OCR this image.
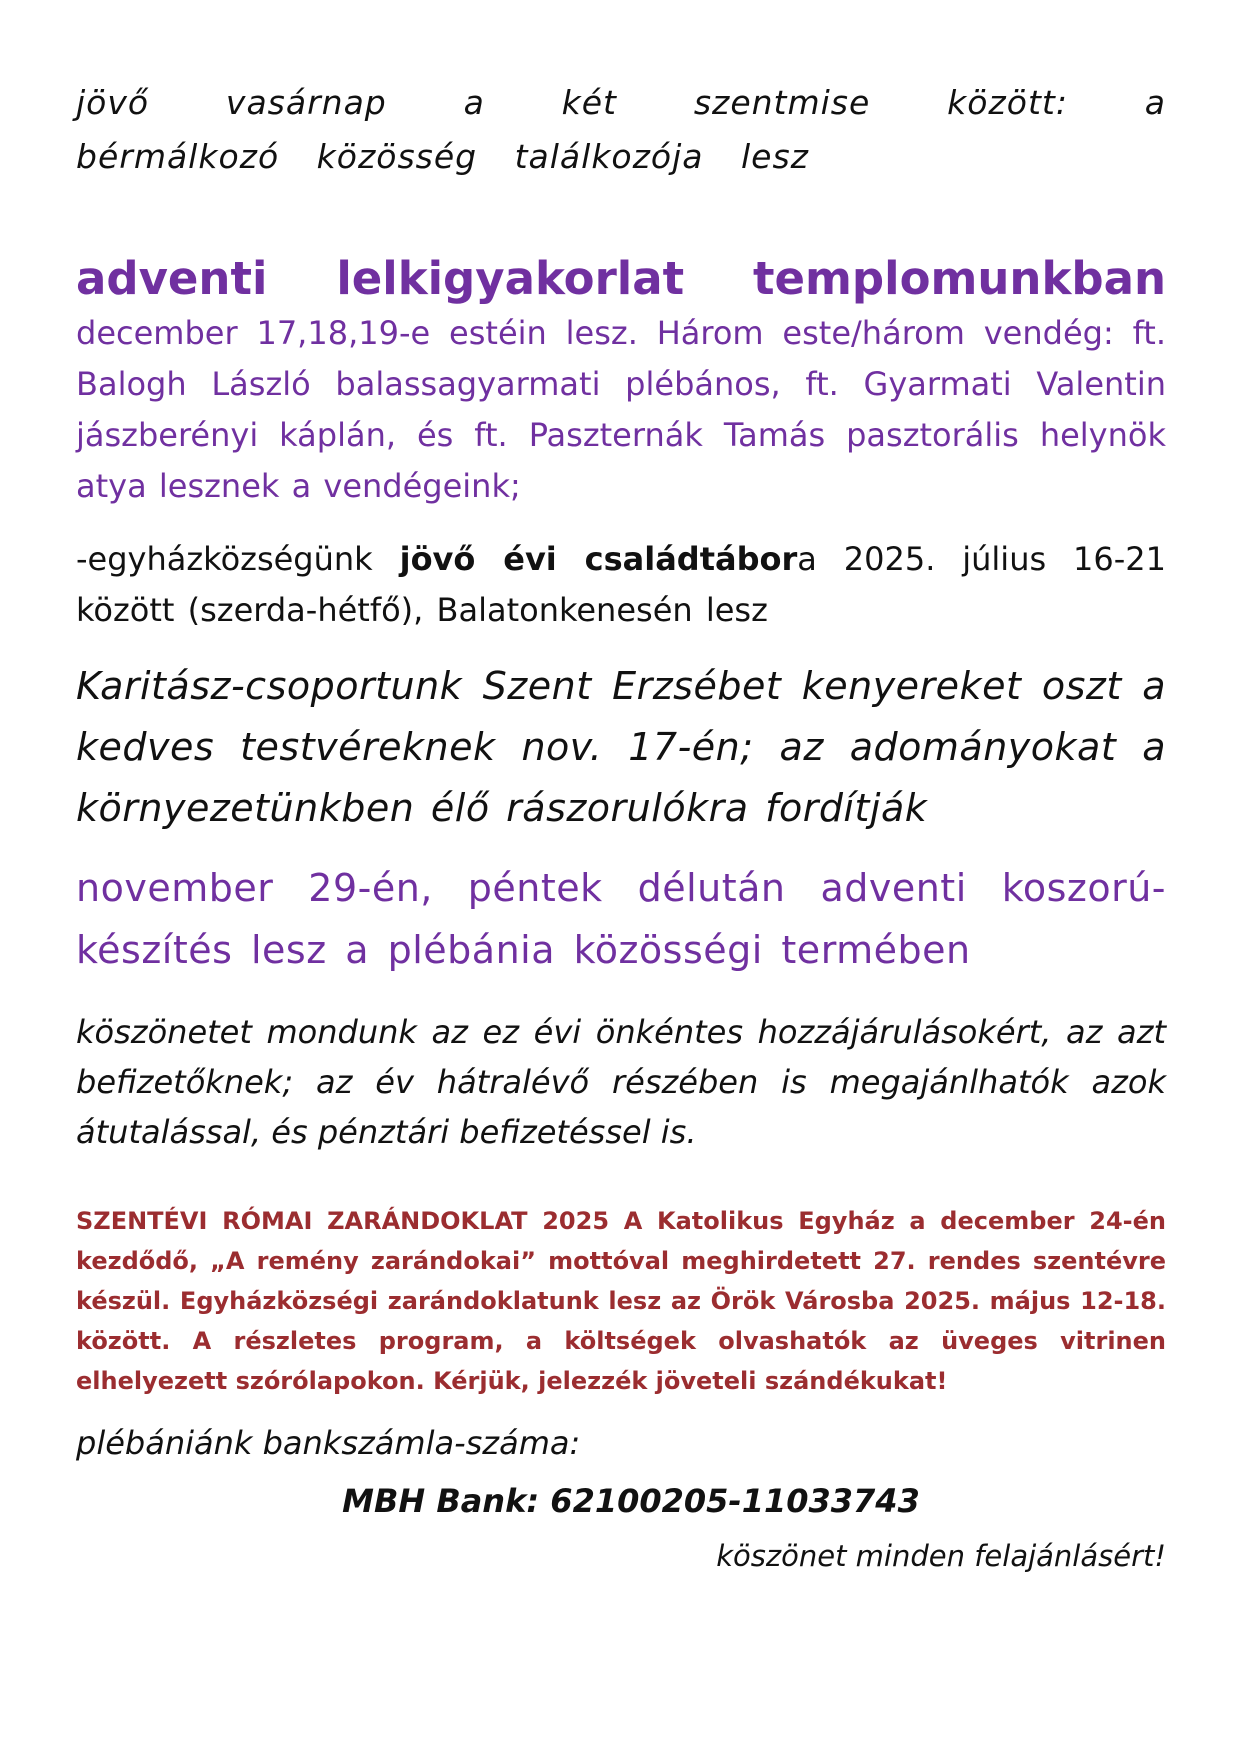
jövő vasárnap a két szentmise között: a bérmálkozó közösség találkozója lesz

adventi lelkigyakorlat templomunkban

december 17,18,19-e estéin lesz. Három este/három vendég: ft. Balogh László balassagyarmati plébános, ft. Gyarmati Valentin jászberényi káplán, és ft. Paszternák Tamás pasztorális helynök atya lesznek a vendégeink;

-egyházközségünk jövő évi családtábora 2025. július 16-21 között (szerda-hétfő), Balatonkenesén lesz

Karitász-csoportunk Szent Erzsébet kenyereket oszt a kedves testvéreknek nov. 17-én; az adományokat a környezetünkben élő rászorulókra fordítják

november 29-én, péntek délután adventi koszorú-készítés lesz a plébánia közösségi termében

köszönetet mondunk az ez évi önkéntes hozzájárulásokért, az azt befizetőknek; az év hátralévő részében is megajánlhatók azok átutalással, és pénztári befizetéssel is.

SZENTÉVI RÓMAI ZARÁNDOKLAT 2025 A Katolikus Egyház a december 24-én kezdődő, „A remény zarándokai” mottóval meghirdetett 27. rendes szentévre készül. Egyházközségi zarándoklatunk lesz az Örök Városba 2025. május 12-18. között. A részletes program, a költségek olvashatók az üveges vitrinen elhelyezett szórólapokon. Kérjük, jelezzék jöveteli szándékukat!

plébániánk bankszámla-száma:

MBH Bank: 62100205-11033743

köszönet minden felajánlásért!
